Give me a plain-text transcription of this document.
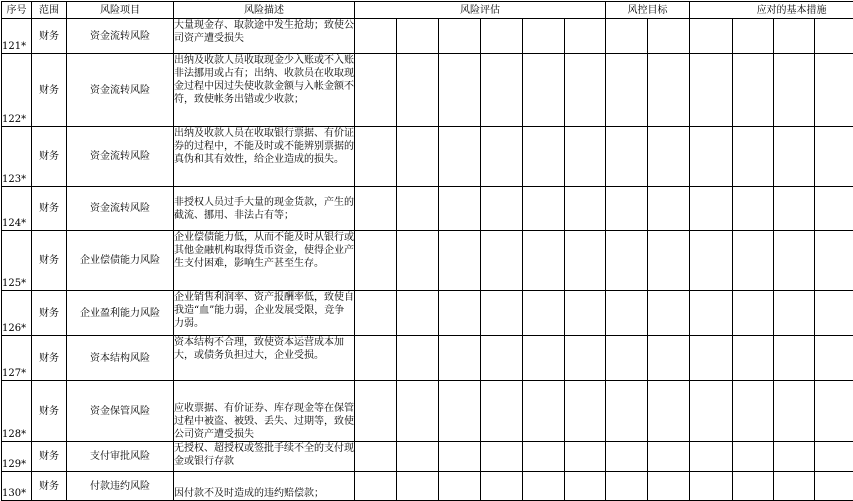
序号	范围	风险项目	风险描述	风险评估						风控目标		应对的基本措施				
121*	财务	资金流转风险	大量现金存、取款途中发生抢劫；致使公司资产遭受损失													
122*	财务	资金流转风险	出纳及收款人员收取现金少入账或不入账非法挪用或占有；出纳、收款员在收取现金过程中因过失使收款金额与入帐金额不符，致使帐务出错或少收款；													
123*	财务	资金流转风险	出纳及收款人员在收取银行票据、有价证券的过程中，不能及时或不能辨别票据的真伪和其有效性，给企业造成的损失。													
124*	财务	资金流转风险	非授权人员过手大量的现金货款，产生的截流、挪用、非法占有等；													
125*	财务	企业偿债能力风险	企业偿债能力低，从而不能及时从银行或其他金融机构取得货币资金，使得企业产生支付困难，影响生产甚至生存。													
126*	财务	企业盈利能力风险	企业销售利润率、资产报酬率低，致使自我造“血”能力弱，企业发展受限，竞争力弱。													
127*	财务	资本结构风险	资本结构不合理，致使资本运营成本加大，或债务负担过大，企业受损。													
128*	财务	资金保管风险	应收票据、有价证券、库存现金等在保管过程中被盗、被毁、丢失、过期等，致使公司资产遭受损失													
129*	财务	支付审批风险	无授权、超授权或签批手续不全的支付现金或银行存款													
130*	财务	付款违约风险	因付款不及时造成的违约赔偿款；													
